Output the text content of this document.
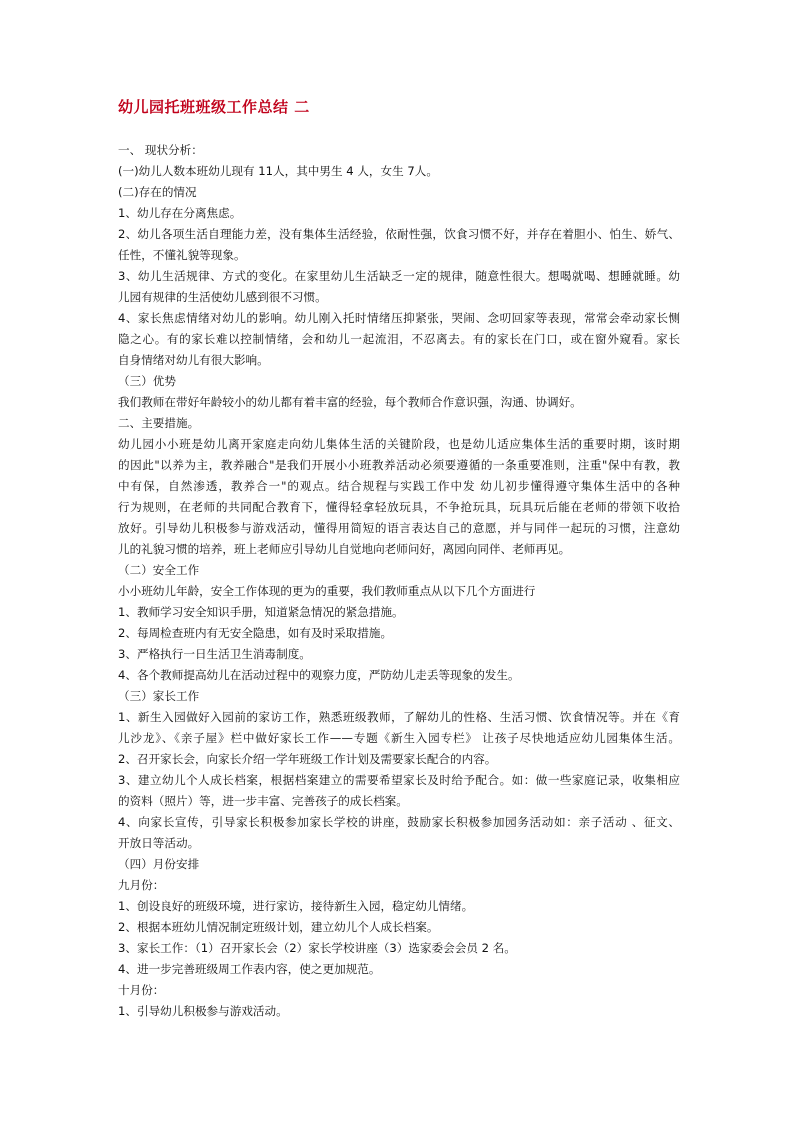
幼儿园托班班级工作总结 二
一、 现状分析：
(一)幼儿人数本班幼儿现有 11人，其中男生 4 人，女生 7人。
(二)存在的情况
1、幼儿存在分离焦虑。
2、幼儿各项生活自理能力差，没有集体生活经验，依耐性强，饮食习惯不好，并存在着胆小、怕生、娇气、
任性，不懂礼貌等现象。
3、幼儿生活规律、方式的变化。在家里幼儿生活缺乏一定的规律，随意性很大。想喝就喝、想睡就睡。幼
儿园有规律的生活使幼儿感到很不习惯。
4、家长焦虑情绪对幼儿的影响。幼儿刚入托时情绪压抑紧张，哭闹、念叨回家等表现，常常会牵动家长恻
隐之心。有的家长难以控制情绪，会和幼儿一起流泪，不忍离去。有的家长在门口，或在窗外窥看。家长
自身情绪对幼儿有很大影响。
（三）优势
我们教师在带好年龄较小的幼儿都有着丰富的经验，每个教师合作意识强，沟通、协调好。
二、主要措施。
幼儿园小小班是幼儿离开家庭走向幼儿集体生活的关键阶段，也是幼儿适应集体生活的重要时期，该时期
的因此"以养为主，教养融合"是我们开展小小班教养活动必须要遵循的一条重要准则，注重"保中有教，教
中有保，自然渗透，教养合一"的观点。结合规程与实践工作中发 幼儿初步懂得遵守集体生活中的各种
行为规则，在老师的共同配合教育下，懂得轻拿轻放玩具，不争抢玩具，玩具玩后能在老师的带领下收拾
放好。引导幼儿积极参与游戏活动，懂得用简短的语言表达自己的意愿，并与同伴一起玩的习惯，注意幼
儿的礼貌习惯的培养，班上老师应引导幼儿自觉地向老师问好，离园向同伴、老师再见。
（二）安全工作
小小班幼儿年龄，安全工作体现的更为的重要，我们教师重点从以下几个方面进行
1、教师学习安全知识手册，知道紧急情况的紧急措施。
2、每周检查班内有无安全隐患，如有及时采取措施。
3、严格执行一日生活卫生消毒制度。
4、各个教师提高幼儿在活动过程中的观察力度，严防幼儿走丢等现象的发生。
（三）家长工作
1、新生入园做好入园前的家访工作，熟悉班级教师，了解幼儿的性格、生活习惯、饮食情况等。并在《育
儿沙龙》、《亲子屋》栏中做好家长工作——专题《新生入园专栏》 让孩子尽快地适应幼儿园集体生活。
2、召开家长会，向家长介绍一学年班级工作计划及需要家长配合的内容。
3、建立幼儿个人成长档案，根据档案建立的需要希望家长及时给予配合。如：做一些家庭记录，收集相应
的资料（照片）等，进一步丰富、完善孩子的成长档案。
4、向家长宣传，引导家长积极参加家长学校的讲座，鼓励家长积极参加园务活动如：亲子活动 、征文、
开放日等活动。
（四）月份安排
九月份：
1、创设良好的班级环境，进行家访，接待新生入园，稳定幼儿情绪。
2、根据本班幼儿情况制定班级计划，建立幼儿个人成长档案。
3、家长工作：（1）召开家长会（2）家长学校讲座（3）选家委会会员 2 名。
4、进一步完善班级周工作表内容，使之更加规范。
十月份：
1、引导幼儿积极参与游戏活动。
